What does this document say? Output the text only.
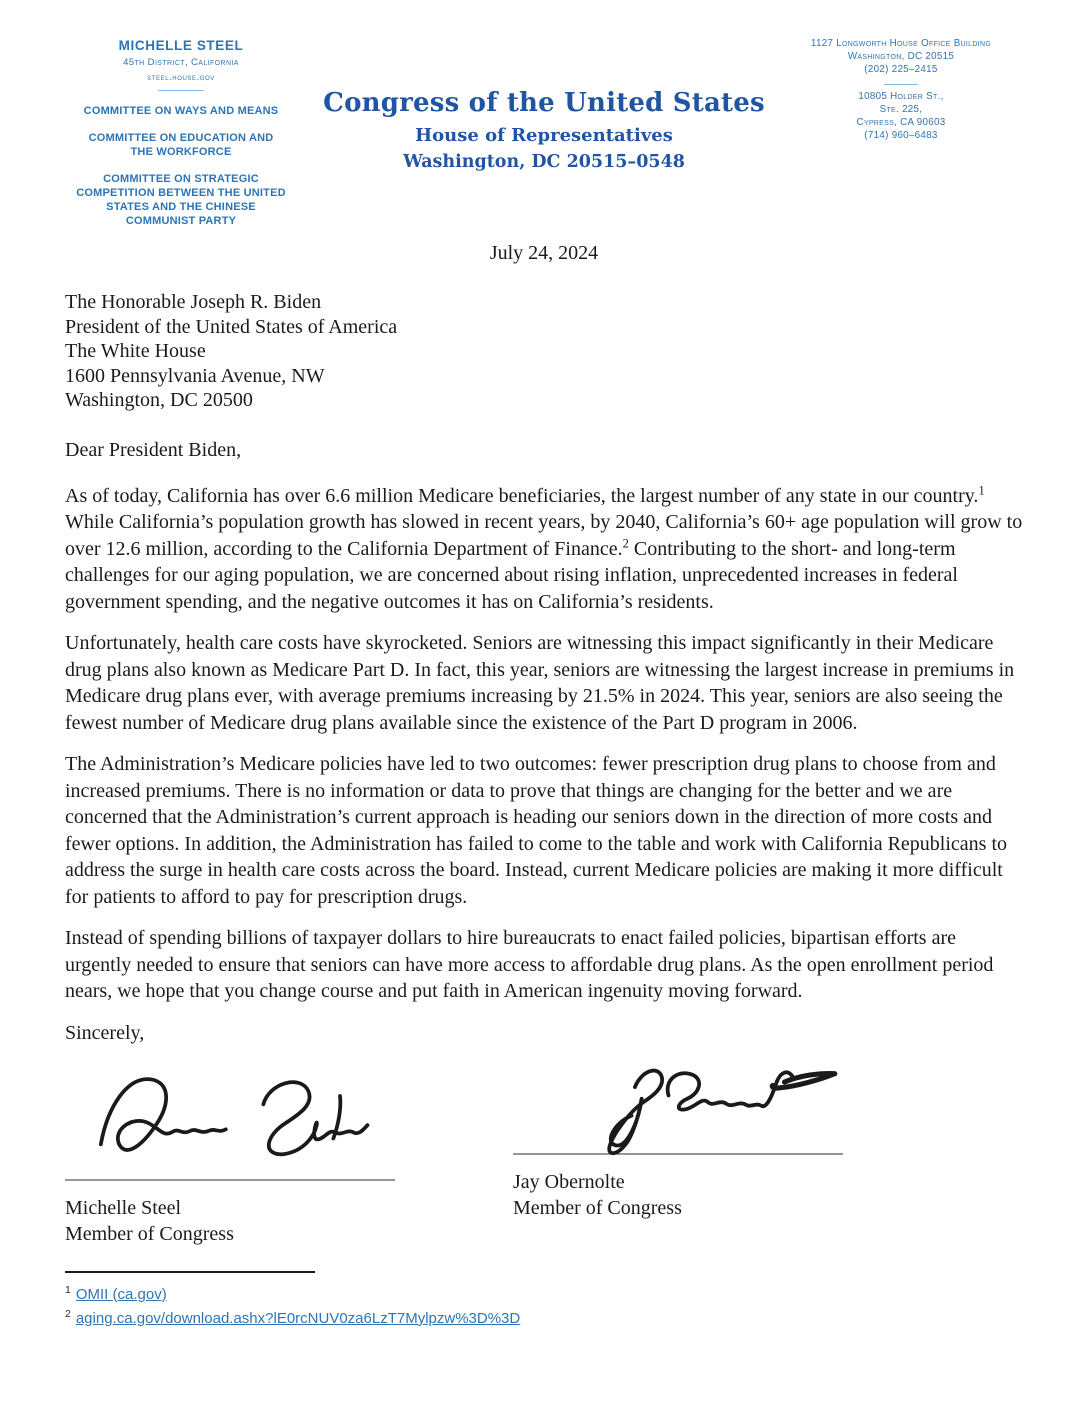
MICHELLE STEEL
45th District, California
steel.house.gov
COMMITTEE ON WAYS AND MEANS
COMMITTEE ON EDUCATION AND THE WORKFORCE
COMMITTEE ON STRATEGIC COMPETITION BETWEEN THE UNITED STATES AND THE CHINESE COMMUNIST PARTY
Congress of the United States
House of Representatives
Washington, DC 20515–0548
1127 Longworth House Office Building
Washington, DC 20515
(202) 225–2415
10805 Holder St.,
Ste. 225,
Cypress, CA 90603
(714) 960–6483
July 24, 2024
The Honorable Joseph R. Biden
President of the United States of America
The White House
1600 Pennsylvania Avenue, NW
Washington, DC 20500
Dear President Biden,

As of today, California has over 6.6 million Medicare beneficiaries, the largest number of any state in our country.$^1$ While California’s population growth has slowed in recent years, by 2040, California’s 60+ age population will grow to over 12.6 million, according to the California Department of Finance.$^2$ Contributing to the short- and long-term challenges for our aging population, we are concerned about rising inflation, unprecedented increases in federal government spending, and the negative outcomes it has on California’s residents.

Unfortunately, health care costs have skyrocketed. Seniors are witnessing this impact significantly in their Medicare drug plans also known as Medicare Part D. In fact, this year, seniors are witnessing the largest increase in premiums in Medicare drug plans ever, with average premiums increasing by 21.5% in 2024. This year, seniors are also seeing the fewest number of Medicare drug plans available since the existence of the Part D program in 2006.

The Administration’s Medicare policies have led to two outcomes: fewer prescription drug plans to choose from and increased premiums. There is no information or data to prove that things are changing for the better and we are concerned that the Administration’s current approach is heading our seniors down in the direction of more costs and fewer options. In addition, the Administration has failed to come to the table and work with California Republicans to address the surge in health care costs across the board. Instead, current Medicare policies are making it more difficult for patients to afford to pay for prescription drugs.

Instead of spending billions of taxpayer dollars to hire bureaucrats to enact failed policies, bipartisan efforts are urgently needed to ensure that seniors can have more access to affordable drug plans. As the open enrollment period nears, we hope that you change course and put faith in American ingenuity moving forward.

Sincerely,
_________________________________
Michelle Steel
Member of Congress
_________________________________
Jay Obernolte
Member of Congress
$^1$ OMII (ca.gov)
$^2$ aging.ca.gov/download.ashx?lE0rcNUV0za6LzT7Mylpzw%3D%3D
